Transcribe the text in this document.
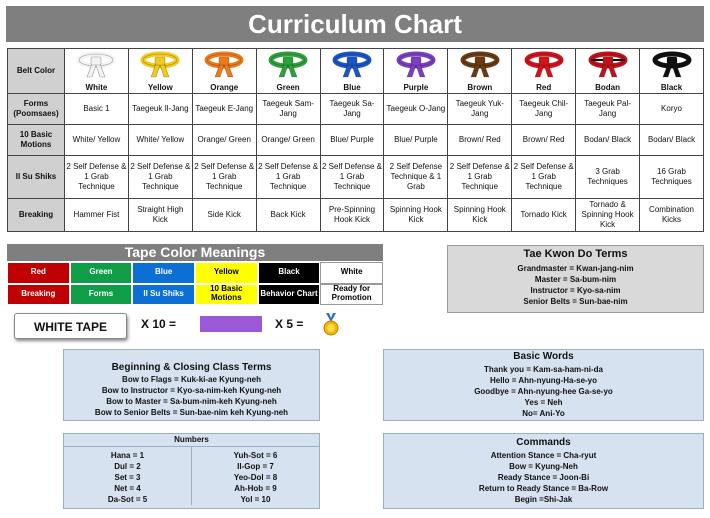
Curriculum Chart
Belt Color	White	Yellow	Orange	Green	Blue	Purple	Brown	Red	Bodan	Black

Forms (Poomsaes)	Basic 1	Taegeuk Il-Jang	Taegeuk E-Jang	Taegeuk Sam-Jang	Taegeuk Sa-Jang	Taegeuk O-Jang	Taegeuk Yuk-Jang	Taegeuk Chil-Jang	Taegeuk Pal-Jang	Koryo
10 Basic Motions	White/ Yellow	White/ Yellow	Orange/ Green	Orange/ Green	Blue/ Purple	Blue/ Purple	Brown/ Red	Brown/ Red	Bodan/ Black	Bodan/ Black
Il Su Shiks	2 Self Defense & 1 Grab Technique	2 Self Defense & 1 Grab Technique	2 Self Defense & 1 Grab Technique	2 Self Defense & 1 Grab Technique	2 Self Defense & 1 Grab Technique	2 Self Defense Technique & 1 Grab	2 Self Defense & 1 Grab Technique	2 Self Defense & 1 Grab Technique	3 Grab Techniques	16 Grab Techniques
Breaking	Hammer Fist	Straight High Kick	Side Kick	Back Kick	Pre-Spinning Hook Kick	Spinning Hook Kick	Spinning Hook Kick	Tornado Kick	Tornado & Spinning Hook Kick	Combination Kicks
Tape Color Meanings
Red	Green	Blue	Yellow	Black	White
Breaking	Forms	Il Su Shiks	10 Basic Motions	Behavior Chart	Ready for Promotion
Tae Kwon Do Terms

Grandmaster = Kwan-jang-nim

Master = Sa-bum-nim

Instructor = Kyo-sa-nim

Senior Belts = Sun-bae-nim

WHITE TAPE	X 10 =	X 5 =
Beginning & Closing Class Terms

Bow to Flags = Kuk-ki-ae Kyung-neh

Bow to Instructor = Kyo-sa-nim-keh Kyung-neh

Bow to Master = Sa-bum-nim-keh Kyung-neh

Bow to Senior Belts = Sun-bae-nim keh Kyung-neh

Basic Words

Thank you = Kam-sa-ham-ni-da

Hello = Ahn-nyung-Ha-se-yo

Goodbye = Ahn-nyung-hee Ga-se-yo

Yes = Neh

No= Ani-Yo

Numbers

Hana = 1

Dul = 2

Set = 3

Net = 4

Da-Sot = 5

Yuh-Sot = 6

Il-Gop = 7

Yeo-Dol = 8

Ah-Hob = 9

Yol = 10

Commands

Attention Stance = Cha-ryut

Bow = Kyung-Neh

Ready Stance = Joon-Bi

Return to Ready Stance = Ba-Row

Begin =Shi-Jak
